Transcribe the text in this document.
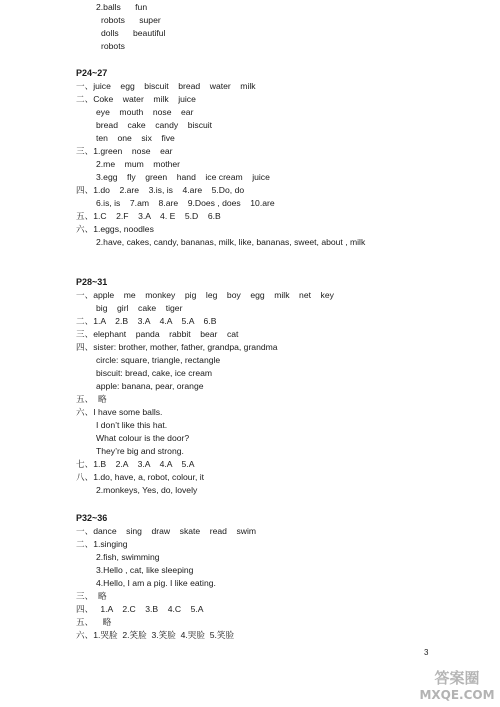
2.balls      fun
robots      super
dolls      beautiful
robots
P24~27
一、juice    egg    biscuit    bread    water    milk
二、Coke    water    milk    juice
eye    mouth    nose    ear
bread    cake    candy    biscuit
ten    one    six    five
三、1.green    nose    ear
2.me    mum    mother
3.egg    fly    green    hand    ice cream    juice
四、1.do    2.are    3.is, is    4.are    5.Do, do
6.is, is    7.am    8.are    9.Does , does    10.are
五、1.C    2.F    3.A    4. E    5.D    6.B
六、1.eggs, noodles
2.have, cakes, candy, bananas, milk, like, bananas, sweet, about , milk
P28~31
一、apple    me    monkey    pig    leg    boy    egg    milk    net    key
big    girl    cake    tiger
二、1.A    2.B    3.A    4.A    5.A    6.B
三、elephant    panda    rabbit    bear    cat
四、sister: brother, mother, father, grandpa, grandma
circle: square, triangle, rectangle
biscuit: bread, cake, ice cream
apple: banana, pear, orange
五、  略
六、I have some balls.
I don’t like this hat.
What colour is the door?
They’re big and strong.
七、1.B    2.A    3.A    4.A    5.A
八、1.do, have, a, robot, colour, it
2.monkeys, Yes, do, lovely
P32~36
一、dance    sing    draw    skate    read    swim
二、1.singing
2.fish, swimming
3.Hello , cat, like sleeping
4.Hello, I am a pig. I like eating.
三、  略
四、   1.A    2.C    3.B    4.C    5.A
五、    略
六、1.哭脸  2.笑脸  3.笑脸  4.哭脸  5.笑脸
3
答案圈
MXQE.COM
